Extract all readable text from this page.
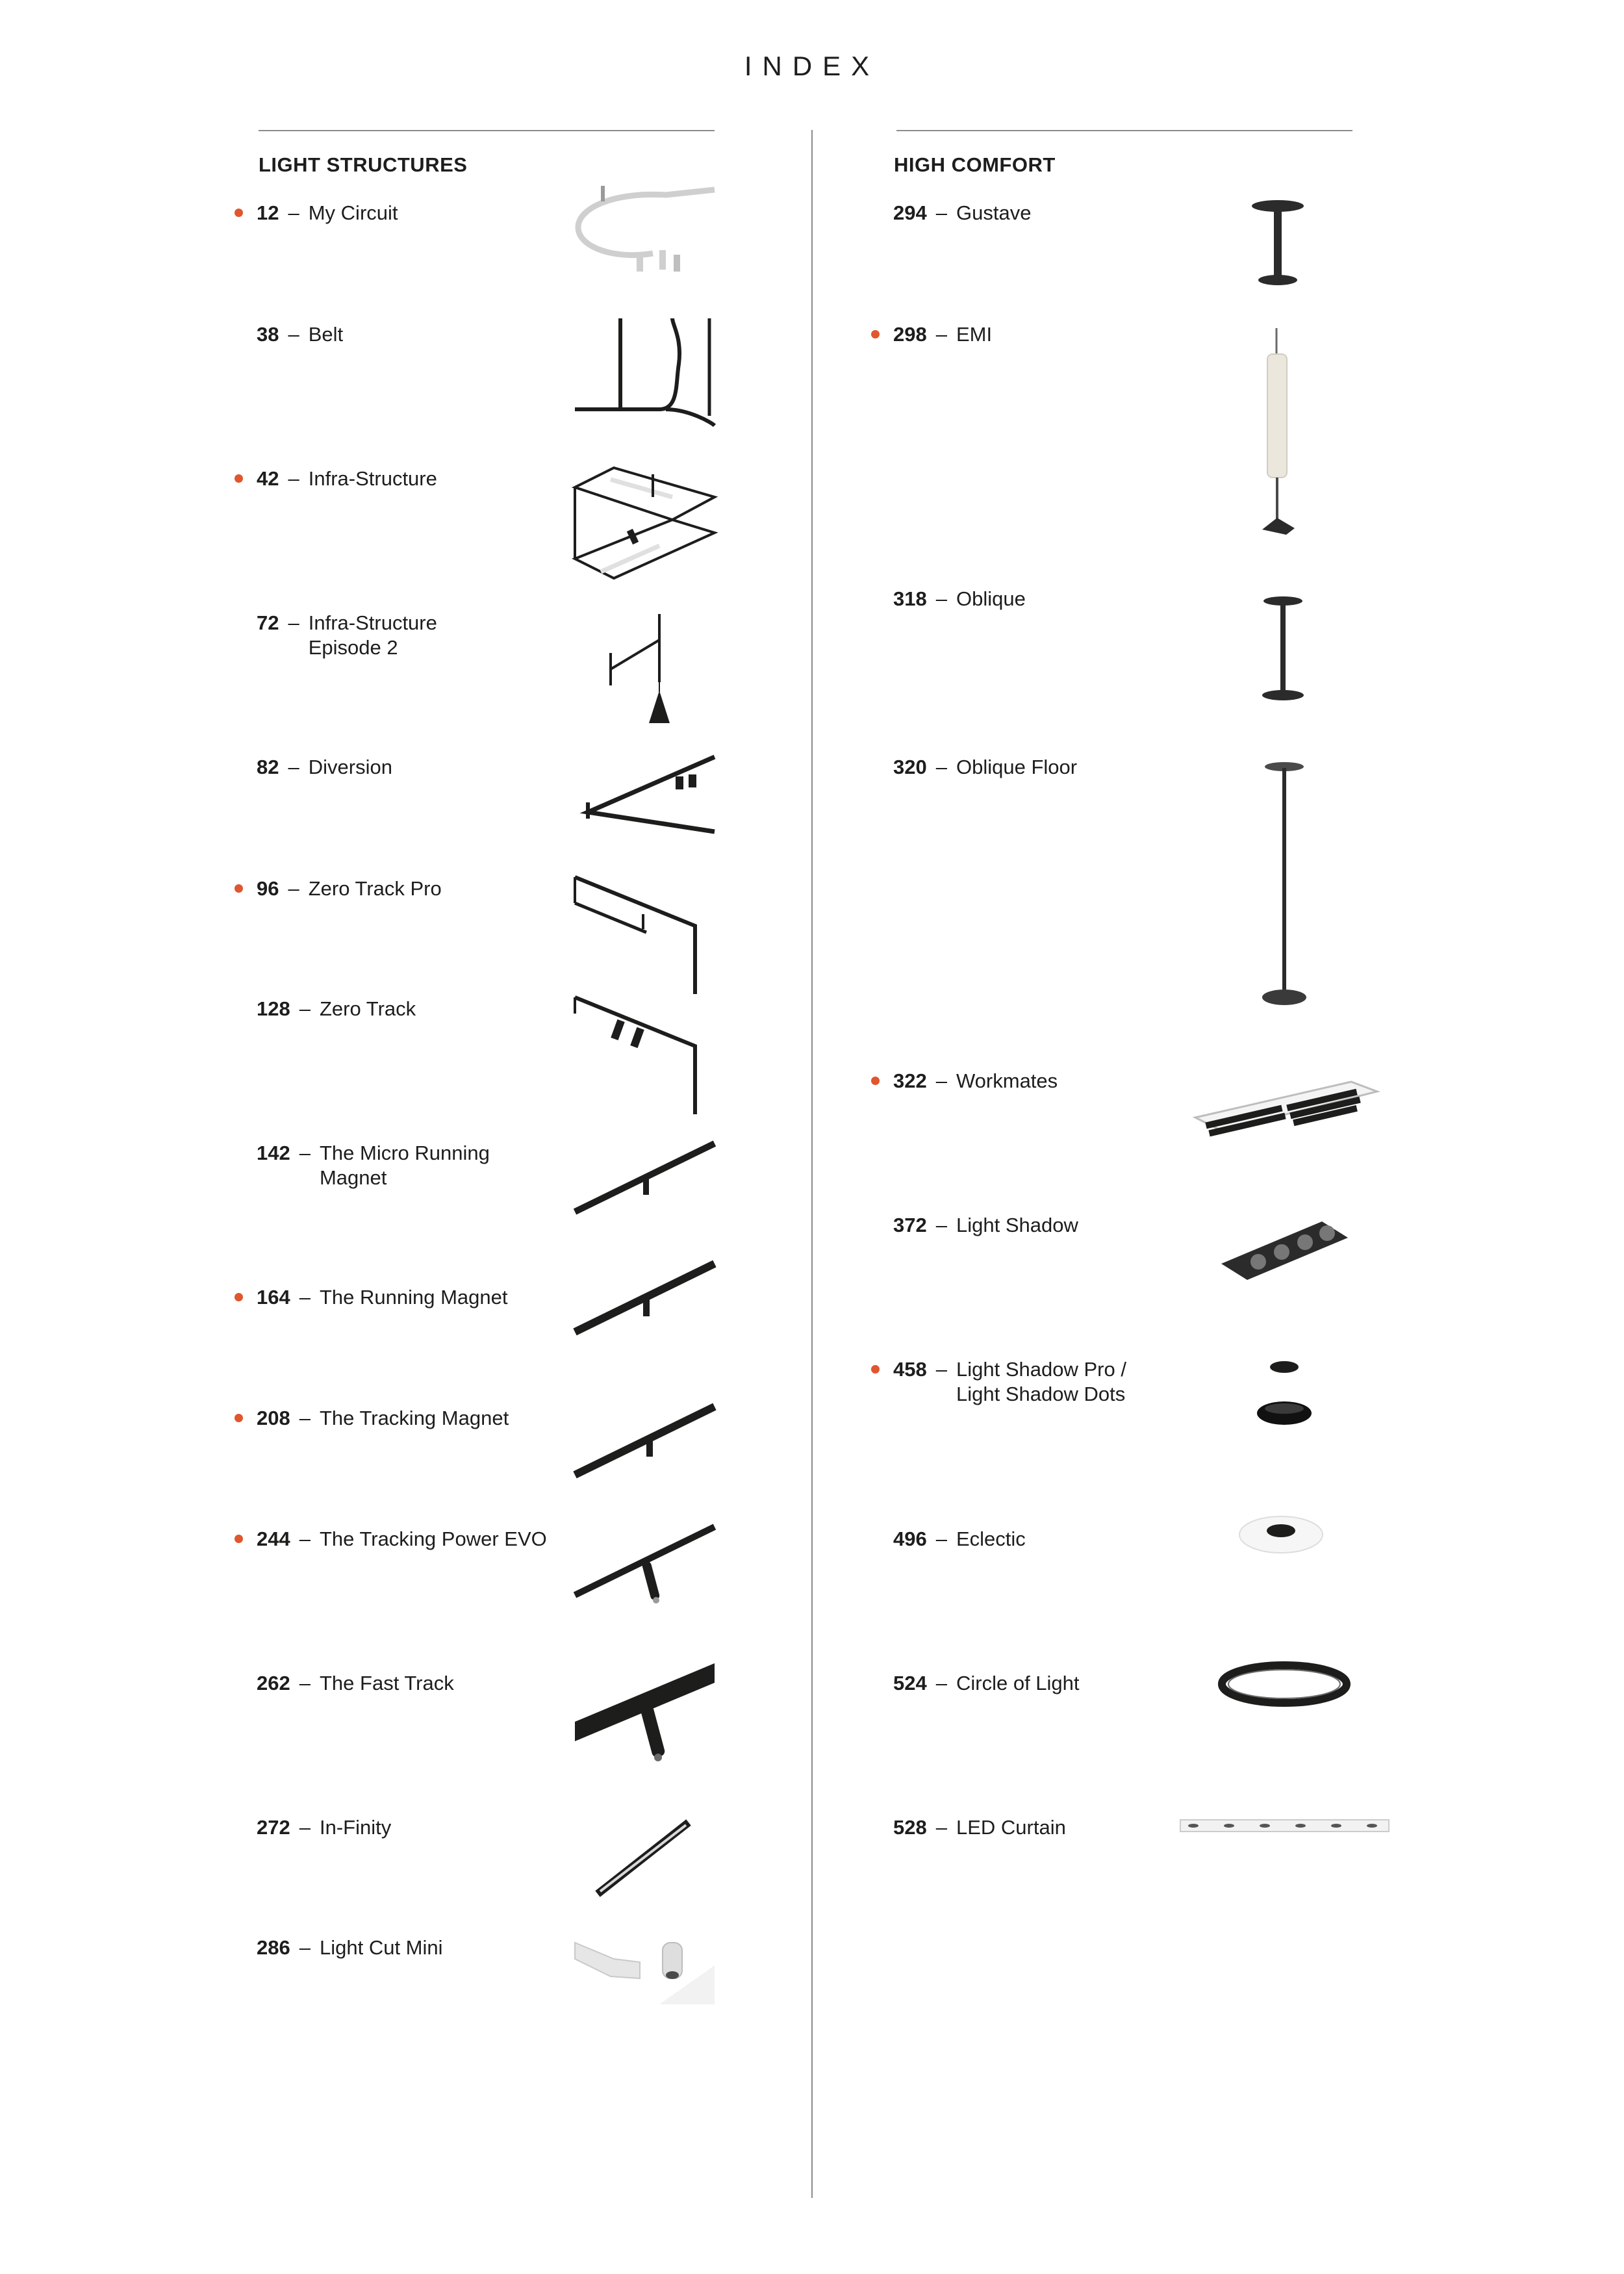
INDEX
LIGHT STRUCTURES	HIGH COMFORT
12 – My Circuit
38 – Belt
42 – Infra-Structure
72 – Infra-Structure
Episode 2
82 – Diversion
96 – Zero Track Pro
128 – Zero Track
142 – The Micro Running
Magnet
164 – The Running Magnet
208 – The Tracking Magnet
244 – The Tracking Power EVO
262 – The Fast Track
272 – In-Finity
286 – Light Cut Mini
294 – Gustave
298 – EMI
318 – Oblique
320 – Oblique Floor
322 – Workmates
372 – Light Shadow
458 – Light Shadow Pro /
Light Shadow Dots
496 – Eclectic
524 – Circle of Light
528 – LED Curtain
